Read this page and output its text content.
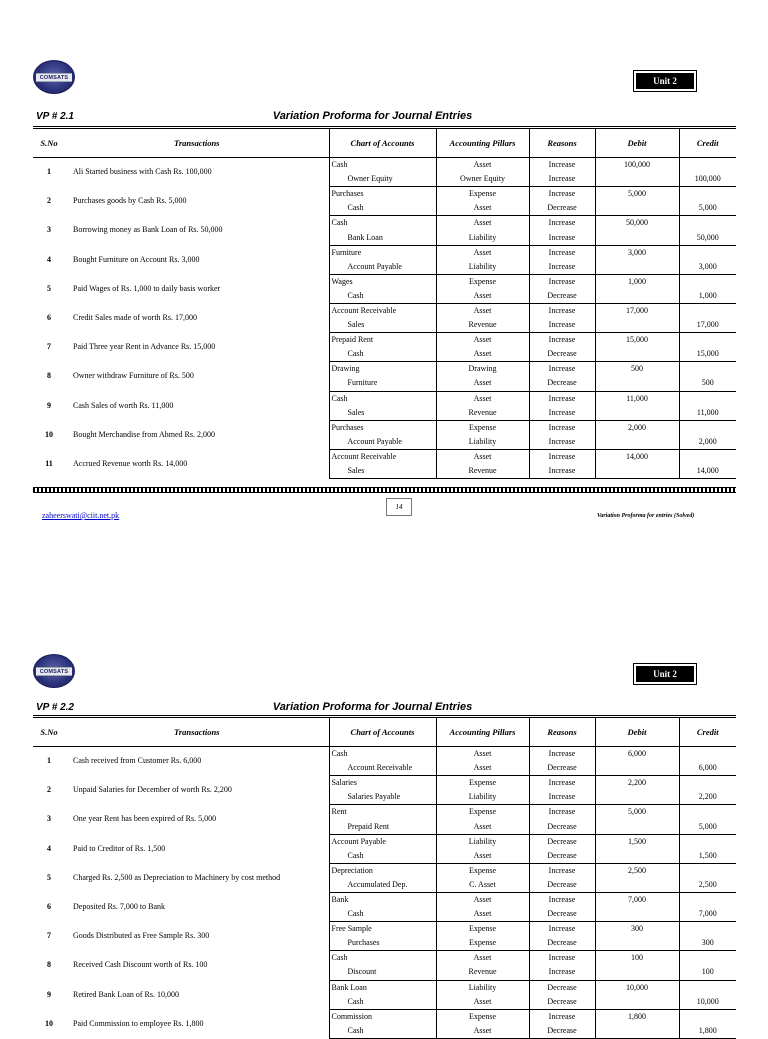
COMSATS	Unit 2
VP # 2.1	Variation Proforma for Journal Entries
S.No	Transactions	Chart of Accounts	Accounting Pillars	Reasons	Debit	Credit
1	Ali Started business with Cash Rs. 100,000	Cash	Asset	Increase	100,000	
		Owner Equity	Owner Equity	Increase		100,000
2	Purchases goods by Cash Rs. 5,000	Purchases	Expense	Increase	5,000	
		Cash	Asset	Decrease		5,000
3	Borrowing money as Bank Loan of Rs. 50,000	Cash	Asset	Increase	50,000	
		Bank Loan	Liability	Increase		50,000
4	Bought Furniture on Account Rs. 3,000	Furniture	Asset	Increase	3,000	
		Account Payable	Liability	Increase		3,000
5	Paid Wages of Rs. 1,000 to daily basis worker	Wages	Expense	Increase	1,000	
		Cash	Asset	Decrease		1,000
6	Credit Sales made of worth Rs. 17,000	Account Receivable	Asset	Increase	17,000	
		Sales	Revenue	Increase		17,000
7	Paid Three year Rent in Advance Rs. 15,000	Prepaid Rent	Asset	Increase	15,000	
		Cash	Asset	Decrease		15,000
8	Owner withdraw Furniture of Rs. 500	Drawing	Drawing	Increase	500	
		Furniture	Asset	Decrease		500
9	Cash Sales of worth Rs. 11,000	Cash	Asset	Increase	11,000	
		Sales	Revenue	Increase		11,000
10	Bought Merchandise from Ahmed Rs. 2,000	Purchases	Expense	Increase	2,000	
		Account Payable	Liability	Increase		2,000
11	Accrued Revenue worth Rs. 14,000	Account Receivable	Asset	Increase	14,000	
		Sales	Revenue	Increase		14,000
14
zaheerswati@ciit.net.pk	Variation Proforma for entries (Solved)
COMSATS	Unit 2
VP # 2.2	Variation Proforma for Journal Entries
S.No	Transactions	Chart of Accounts	Accounting Pillars	Reasons	Debit	Credit
1	Cash received from Customer Rs. 6,000	Cash	Asset	Increase	6,000	
		Account Receivable	Asset	Decrease		6,000
2	Unpaid Salaries for December of worth Rs. 2,200	Salaries	Expense	Increase	2,200	
		Salaries Payable	Liability	Increase		2,200
3	One year Rent has been expired of Rs. 5,000	Rent	Expense	Increase	5,000	
		Prepaid Rent	Asset	Decrease		5,000
4	Paid to Creditor of Rs. 1,500	Account Payable	Liability	Decrease	1,500	
		Cash	Asset	Decrease		1,500
5	Charged Rs. 2,500 as Depreciation to Machinery by cost method	Depreciation	Expense	Increase	2,500	
		Accumulated Dep.	C. Asset	Decrease		2,500
6	Deposited Rs. 7,000 to Bank	Bank	Asset	Increase	7,000	
		Cash	Asset	Decrease		7,000
7	Goods Distributed as Free Sample Rs. 300	Free Sample	Expense	Increase	300	
		Purchases	Expense	Decrease		300
8	Received Cash Discount worth of Rs. 100	Cash	Asset	Increase	100	
		Discount	Revenue	Increase		100
9	Retired Bank Loan of Rs. 10,000	Bank Loan	Liability	Decrease	10,000	
		Cash	Asset	Decrease		10,000
10	Paid Commission to employee Rs. 1,800	Commission	Expense	Increase	1,800	
		Cash	Asset	Decrease		1,800
